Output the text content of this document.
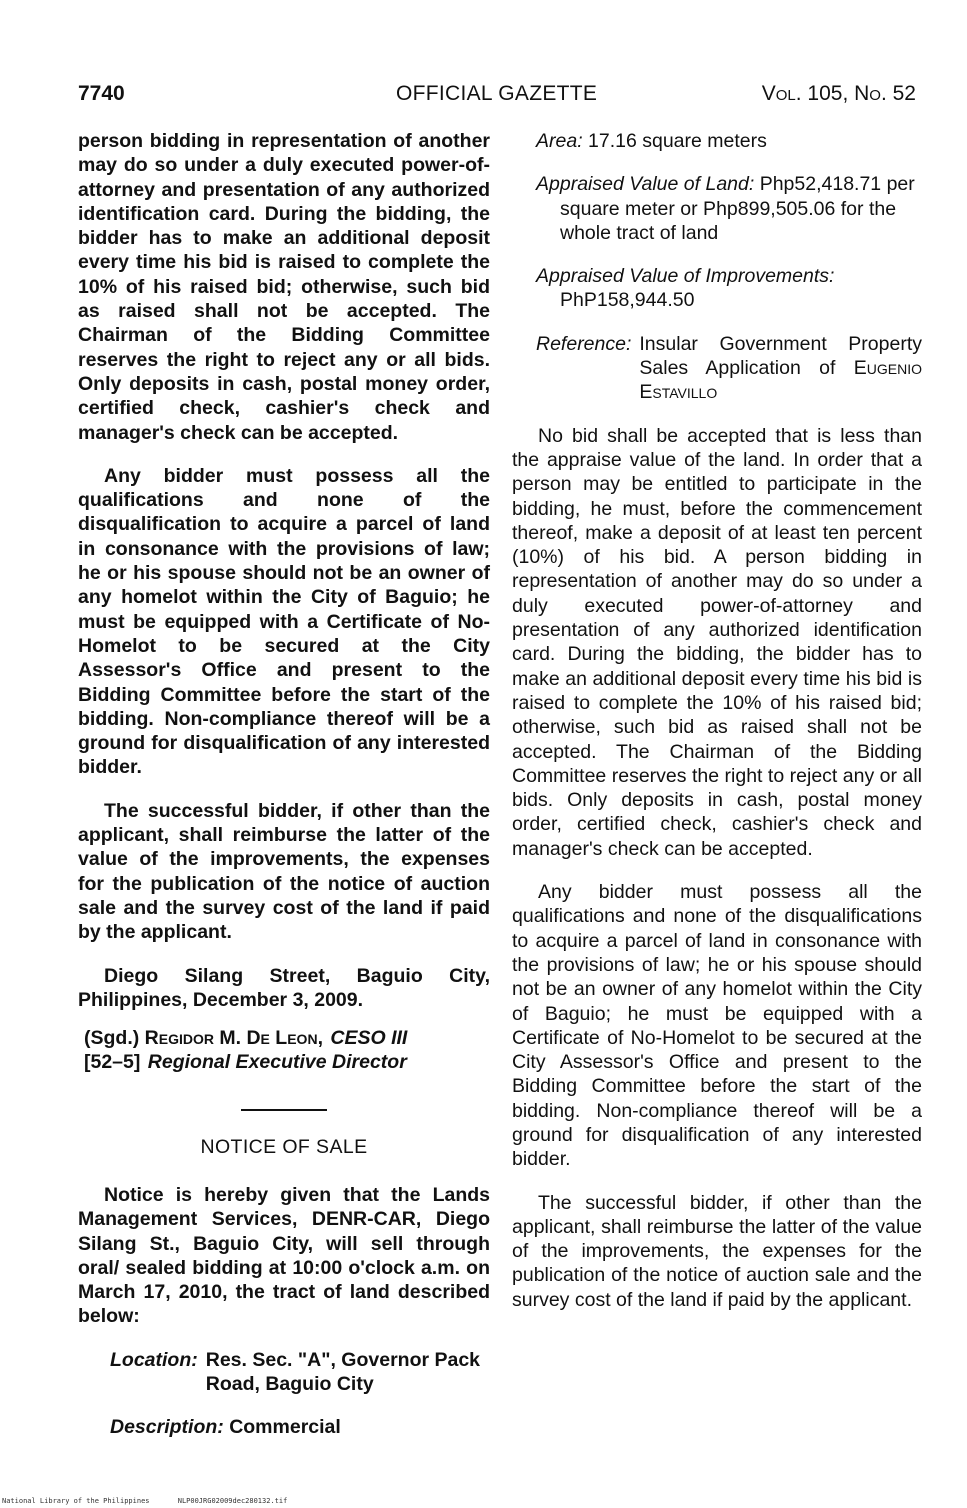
7740	OFFICIAL GAZETTE	Vol. 105, No. 52

person bidding in representation of another may do so under a duly executed power-of-attorney and presentation of any authorized identification card. During the bidding, the bidder has to make an additional deposit every time his bid is raised to complete the 10% of his raised bid; otherwise, such bid as raised shall not be accepted. The Chairman of the Bidding Committee reserves the right to reject any or all bids. Only deposits in cash, postal money order, certified check, cashier's check and manager's check can be accepted.

Any bidder must possess all the qualifications and none of the disqualification to acquire a parcel of land in consonance with the provisions of law; he or his spouse should not be an owner of any homelot within the City of Baguio; he must be equipped with a Certificate of No-Homelot to be secured at the City Assessor's Office and present to the Bidding Committee before the start of the bidding. Non-compliance thereof will be a ground for disqualification of any interested bidder.

The successful bidder, if other than the applicant, shall reimburse the latter of the value of the improvements, the expenses for the publication of the notice of auction sale and the survey cost of the land if paid by the applicant.

Diego Silang Street, Baguio City, Philippines, December 3, 2009.

(Sgd.) Regidor M. De Leon, CESO III
[52–5] Regional Executive Director
NOTICE OF SALE

Notice is hereby given that the Lands Management Services, DENR-CAR, Diego Silang St., Baguio City, will sell through oral/ sealed bidding at 10:00 o'clock a.m. on March 17, 2010, the tract of land described below:

Location: Res. Sec. "A", Governor Pack Road, Baguio City
Description: Commercial
Area: 17.16 square meters
Appraised Value of Land: Php52,418.71 per square meter or Php899,505.06 for the whole tract of land
Appraised Value of Improvements: PhP158,944.50
Reference: Insular Government Property Sales Application of Eugenio Estavillo

No bid shall be accepted that is less than the appraise value of the land. In order that a person may be entitled to participate in the bidding, he must, before the commencement thereof, make a deposit of at least ten percent (10%) of his bid. A person bidding in representation of another may do so under a duly executed power-of-attorney and presentation of any authorized identification card. During the bidding, the bidder has to make an additional deposit every time his bid is raised to complete the 10% of his raised bid; otherwise, such bid as raised shall not be accepted. The Chairman of the Bidding Committee reserves the right to reject any or all bids. Only deposits in cash, postal money order, certified check, cashier's check and manager's check can be accepted.

Any bidder must possess all the qualifications and none of the disqualifications to acquire a parcel of land in consonance with the provisions of law; he or his spouse should not be an owner of any homelot within the City of Baguio; he must be equipped with a Certificate of No-Homelot to be secured at the City Assessor's Office and present to the Bidding Committee before the start of the bidding. Non-compliance thereof will be a ground for disqualification of any interested bidder.

The successful bidder, if other than the applicant, shall reimburse the latter of the value of the improvements, the expenses for the publication of the notice of auction sale and the survey cost of the land if paid by the applicant.

National Library of the Philippines	NLP00JRG02009dec280132.tif
